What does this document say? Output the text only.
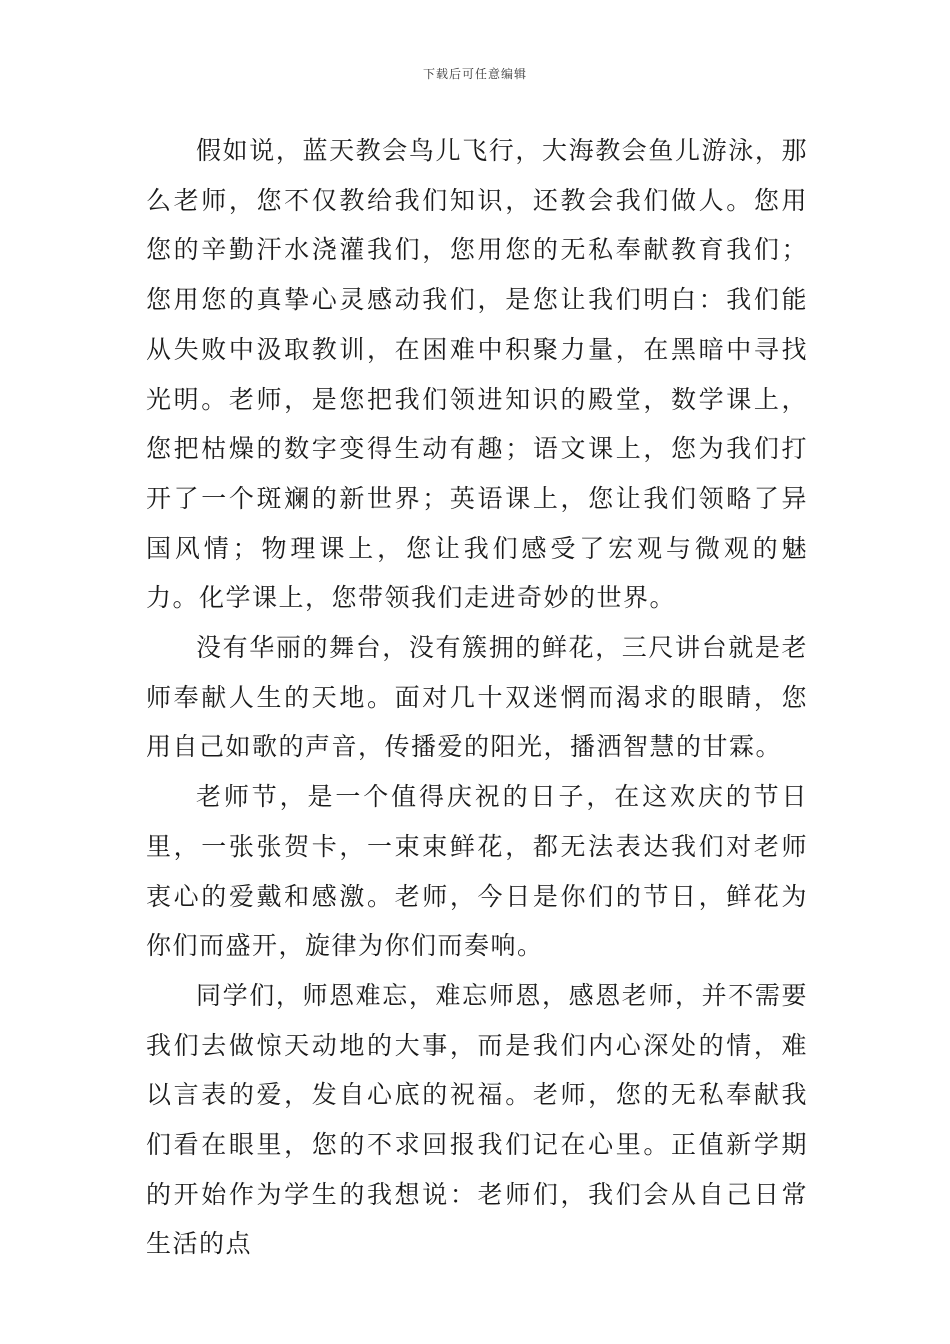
下载后可任意编辑

假如说，蓝天教会鸟儿飞行，大海教会鱼儿游泳，那么老师，您不仅教给我们知识，还教会我们做人。您用您的辛勤汗水浇灌我们，您用您的无私奉献教育我们；您用您的真挚心灵感动我们，是您让我们明白：我们能从失败中汲取教训，在困难中积聚力量，在黑暗中寻找光明。老师，是您把我们领进知识的殿堂，数学课上，您把枯燥的数字变得生动有趣；语文课上，您为我们打开了一个斑斓的新世界；英语课上，您让我们领略了异国风情；物理课上，您让我们感受了宏观与微观的魅力。化学课上，您带领我们走进奇妙的世界。

没有华丽的舞台，没有簇拥的鲜花，三尺讲台就是老师奉献人生的天地。面对几十双迷惘而渴求的眼睛，您用自己如歌的声音，传播爱的阳光，播洒智慧的甘霖。

老师节，是一个值得庆祝的日子，在这欢庆的节日里，一张张贺卡，一束束鲜花，都无法表达我们对老师衷心的爱戴和感激。老师，今日是你们的节日，鲜花为你们而盛开，旋律为你们而奏响。

同学们，师恩难忘，难忘师恩，感恩老师，并不需要我们去做惊天动地的大事，而是我们内心深处的情，难以言表的爱，发自心底的祝福。老师，您的无私奉献我们看在眼里，您的不求回报我们记在心里。正值新学期的开始作为学生的我想说：老师们，我们会从自己日常生活的点
